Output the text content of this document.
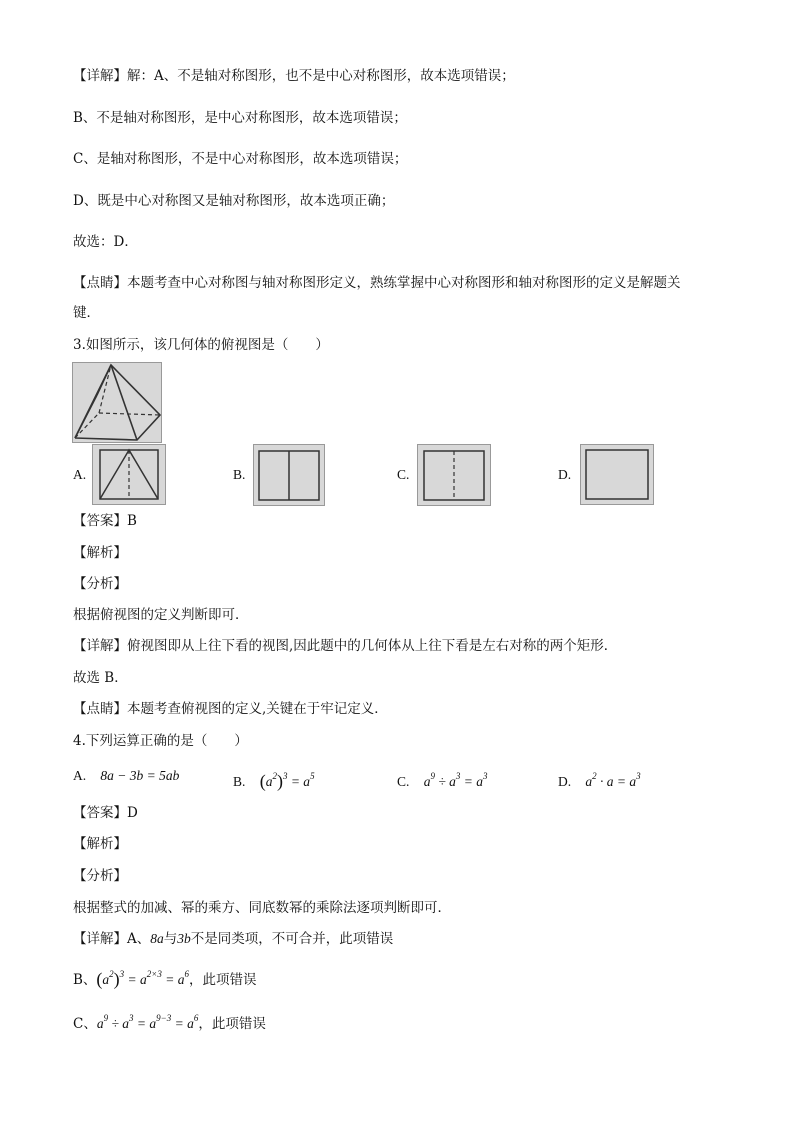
【详解】解：A、不是轴对称图形，也不是中心对称图形，故本选项错误；
B、不是轴对称图形，是中心对称图形，故本选项错误；
C、是轴对称图形，不是中心对称图形，故本选项错误；
D、既是中心对称图又是轴对称图形，故本选项正确；
故选：D．
【点睛】本题考查中心对称图与轴对称图形定义，熟练掌握中心对称图形和轴对称图形的定义是解题关
键．
3.如图所示，该几何体的俯视图是（　　）
A.	B.	C.	D.
【答案】B
【解析】
【分析】
根据俯视图的定义判断即可．
【详解】俯视图即从上往下看的视图,因此题中的几何体从上往下看是左右对称的两个矩形．
故选 B．
【点睛】本题考查俯视图的定义,关键在于牢记定义．
4.下列运算正确的是（　　）
A. 8a − 3b = 5ab	B. $(a^2)^3 = a^5$	C. $a^9 \div a^3 = a^3$	D. $a^2 \cdot a = a^3$
【答案】D
【解析】
【分析】
根据整式的加减、幂的乘方、同底数幂的乘除法逐项判断即可．
【详解】A、8a与3b不是同类项，不可合并，此项错误
B、$(a^2)^3 = a^{2\times 3} = a^6$，此项错误
C、$a^9 \div a^3 = a^{9-3} = a^6$，此项错误
